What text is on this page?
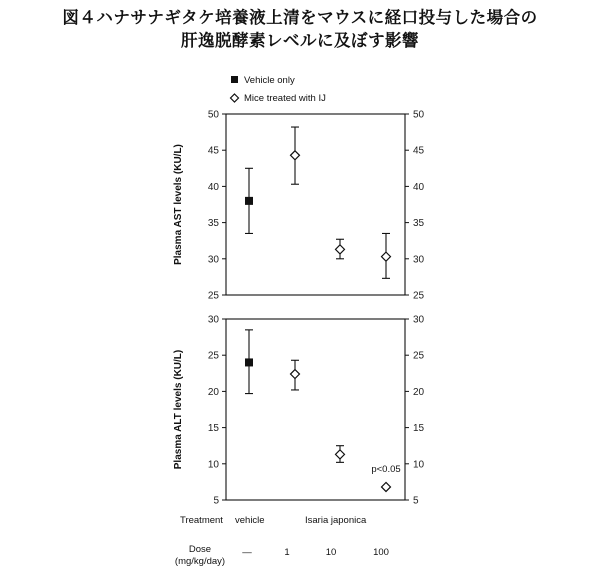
図４ハナサナギタケ培養液上清をマウスに経口投与した場合の
肝逸脱酵素レベルに及ぼす影響
Vehicle only
Mice treated with IJ
25	25
30	30
35	35
40	40
45	45
50	50
Plasma AST levels (KU/L)
5	5
10	10
15	15
20	20
25	25
30	30
Plasma ALT levels (KU/L)
p<0.05
Treatment vehicle	Isaria japonica
Dose
(mg/kg/day)
—	1	10	100
